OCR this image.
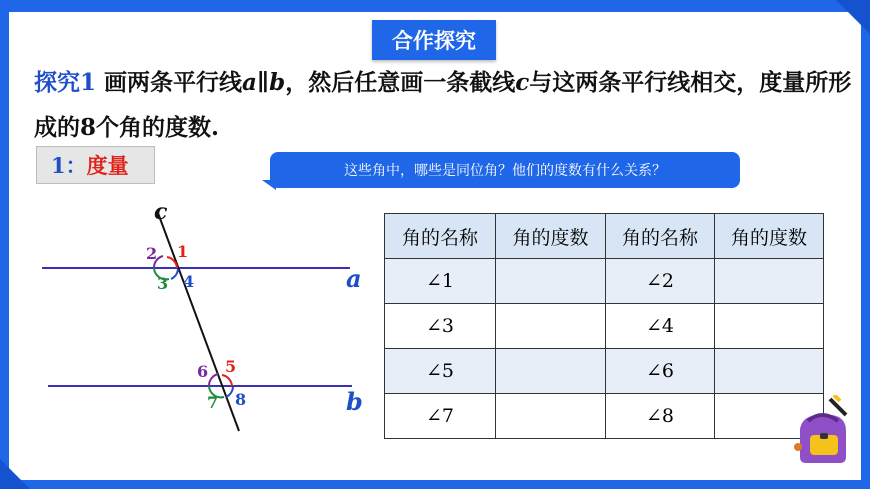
合作探究
探究1 画两条平行线a∥b，然后任意画一条截线c与这两条平行线相交，度量所形成的8个角的度数.
1： 度量	这些角中，哪些是同位角？他们的度数有什么关系？
c
a
b
1
2
3 4
5
6
7 8
角的名称	角的度数	角的名称	角的度数
∠1		∠2	
∠3		∠4	
∠5		∠6	
∠7		∠8	
